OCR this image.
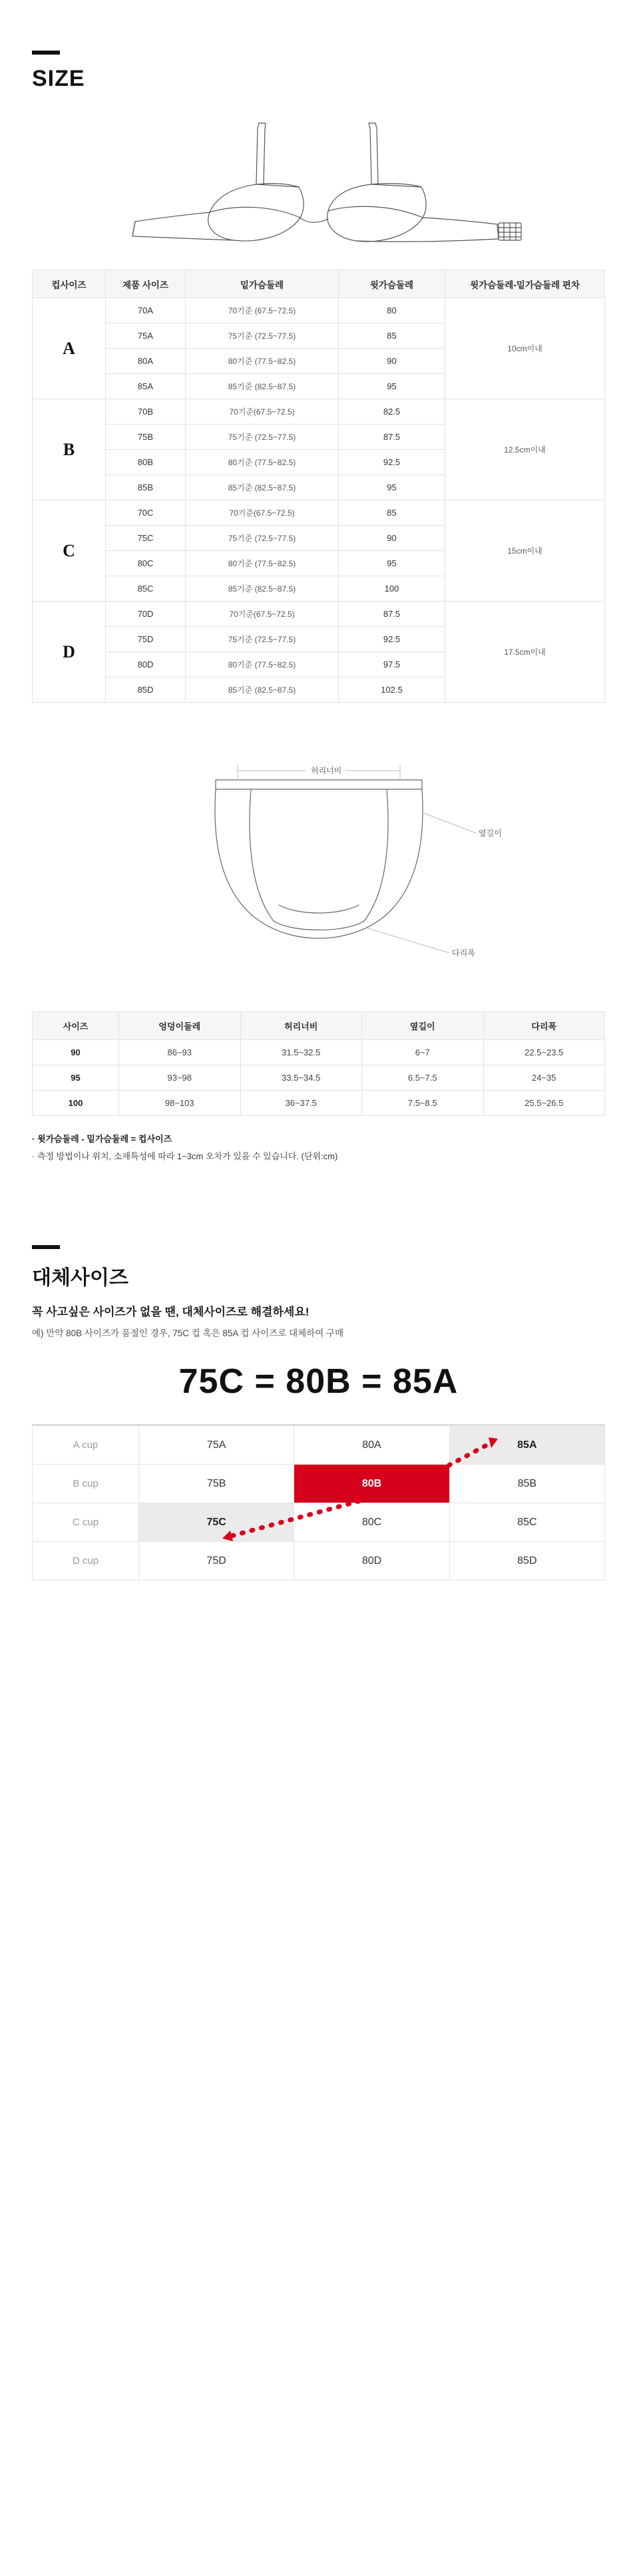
SIZE
컵사이즈	제품 사이즈	밑가슴둘레	윗가슴둘레	윗가슴둘레-밑가슴둘레 편차
A	70A	70기준 (67.5~72.5)	80	10cm이내
	75A	75기준 (72.5~77.5)	85	
	80A	80기준 (77.5~82.5)	90	
	85A	85기준 (82.5~87.5)	95	
B	70B	70기준(67.5~72.5)	82.5	12.5cm이내
	75B	75기준 (72.5~77.5)	87.5	
	80B	80기준 (77.5~82.5)	92.5	
	85B	85기준 (82.5~87.5)	95	
C	70C	70기준(67.5~72.5)	85	15cm이내
	75C	75기준 (72.5~77.5)	90	
	80C	80기준 (77.5~82.5)	95	
	85C	85기준 (82.5~87.5)	100	
D	70D	70기준(67.5~72.5)	87.5	17.5cm이내
	75D	75기준 (72.5~77.5)	92.5	
	80D	80기준 (77.5~82.5)	97.5	
	85D	85기준 (82.5~87.5)	102.5	
허리너비
옆길이
다리폭
사이즈	엉덩이둘레	허리너비	옆길이	다리폭
90	86~93	31.5~32.5	6~7	22.5~23.5
95	93~98	33.5~34.5	6.5~7.5	24~35
100	98~103	36~37.5	7.5~8.5	25.5~26.5
· 윗가슴둘레 - 밑가슴둘레 = 컵사이즈
· 측정 방법이나 위치, 소재특성에 따라 1~3cm 오차가 있을 수 있습니다. (단위:cm)
대체사이즈

꼭 사고싶은 사이즈가 없을 땐, 대체사이즈로 해결하세요!

예) 만약 80B 사이즈가 품절인 경우, 75C 컵 혹은 85A 컵 사이즈로 대체하여 구매

75C = 80B = 85A
A cup	75A	80A	85A
B cup	75B	80B	85B
C cup	75C	80C	85C
D cup	75D	80D	85D
